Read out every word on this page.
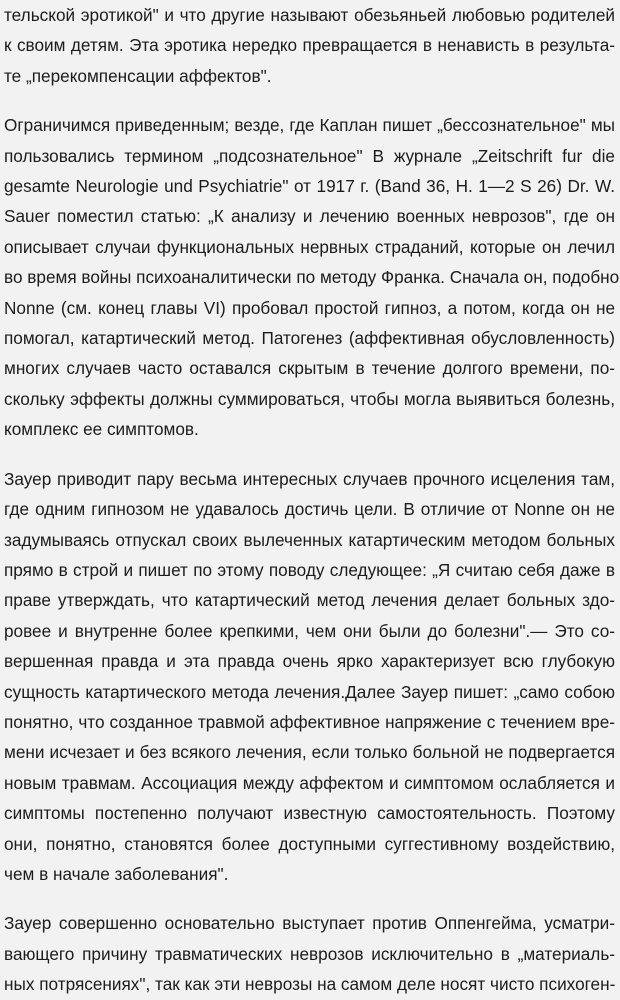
тельской эротикой" и что другие называют обезьяньей любовью родителей
к своим детям. Эта эротика нередко превращается в ненависть в результа-
те „перекомпенсации аффектов".
Ограничимся приведенным; везде, где Каплан пишет „бессознательное" мы
пользовались термином „подсознательное" В журнале „Zeitschrift fur die
gesamte Neurologie und Psychiatrie" от 1917 г. (Band 36, H. 1—2 S 26) Dr. W.
Sauer поместил статью: „К анализу и лечению военных неврозов", где он
описывает случаи функциональных нервных страданий, которые он лечил
во время войны психоаналитически по методу Франка. Сначала он, подобно
Nonne (см. конец главы VI) пробовал простой гипноз, а потом, когда он не
помогал, катартический метод. Патогенез (аффективная обусловленность)
многих случаев часто оставался скрытым в течение долгого времени, по-
скольку эффекты должны суммироваться, чтобы могла выявиться болезнь,
комплекс ее симптомов.
Зауер приводит пару весьма интересных случаев прочного исцеления там,
где одним гипнозом не удавалось достичь цели. В отличие от Nonne он не
задумываясь отпускал своих вылеченных катартическим методом больных
прямо в строй и пишет по этому поводу следующее: „Я считаю себя даже в
праве утверждать, что катартический метод лечения делает больных здо-
ровее и внутренне более крепкими, чем они были до болезни".— Это со-
вершенная правда и эта правда очень ярко характеризует всю глубокую
сущность катартического метода лечения.Далее Зауер пишет: „само собою
понятно, что созданное травмой аффективное напряжение с течением вре-
мени исчезает и без всякого лечения, если только больной не подвергается
новым травмам. Ассоциация между аффектом и симптомом ослабляется и
симптомы постепенно получают известную самостоятельность. Поэтому
они, понятно, становятся более доступными суггестивному воздействию,
чем в начале заболевания".
Зауер совершенно основательно выступает против Оппенгейма, усматри-
вающего причину травматических неврозов исключительно в „материаль-
ных потрясениях", так как эти неврозы на самом деле носят чисто психоген-
